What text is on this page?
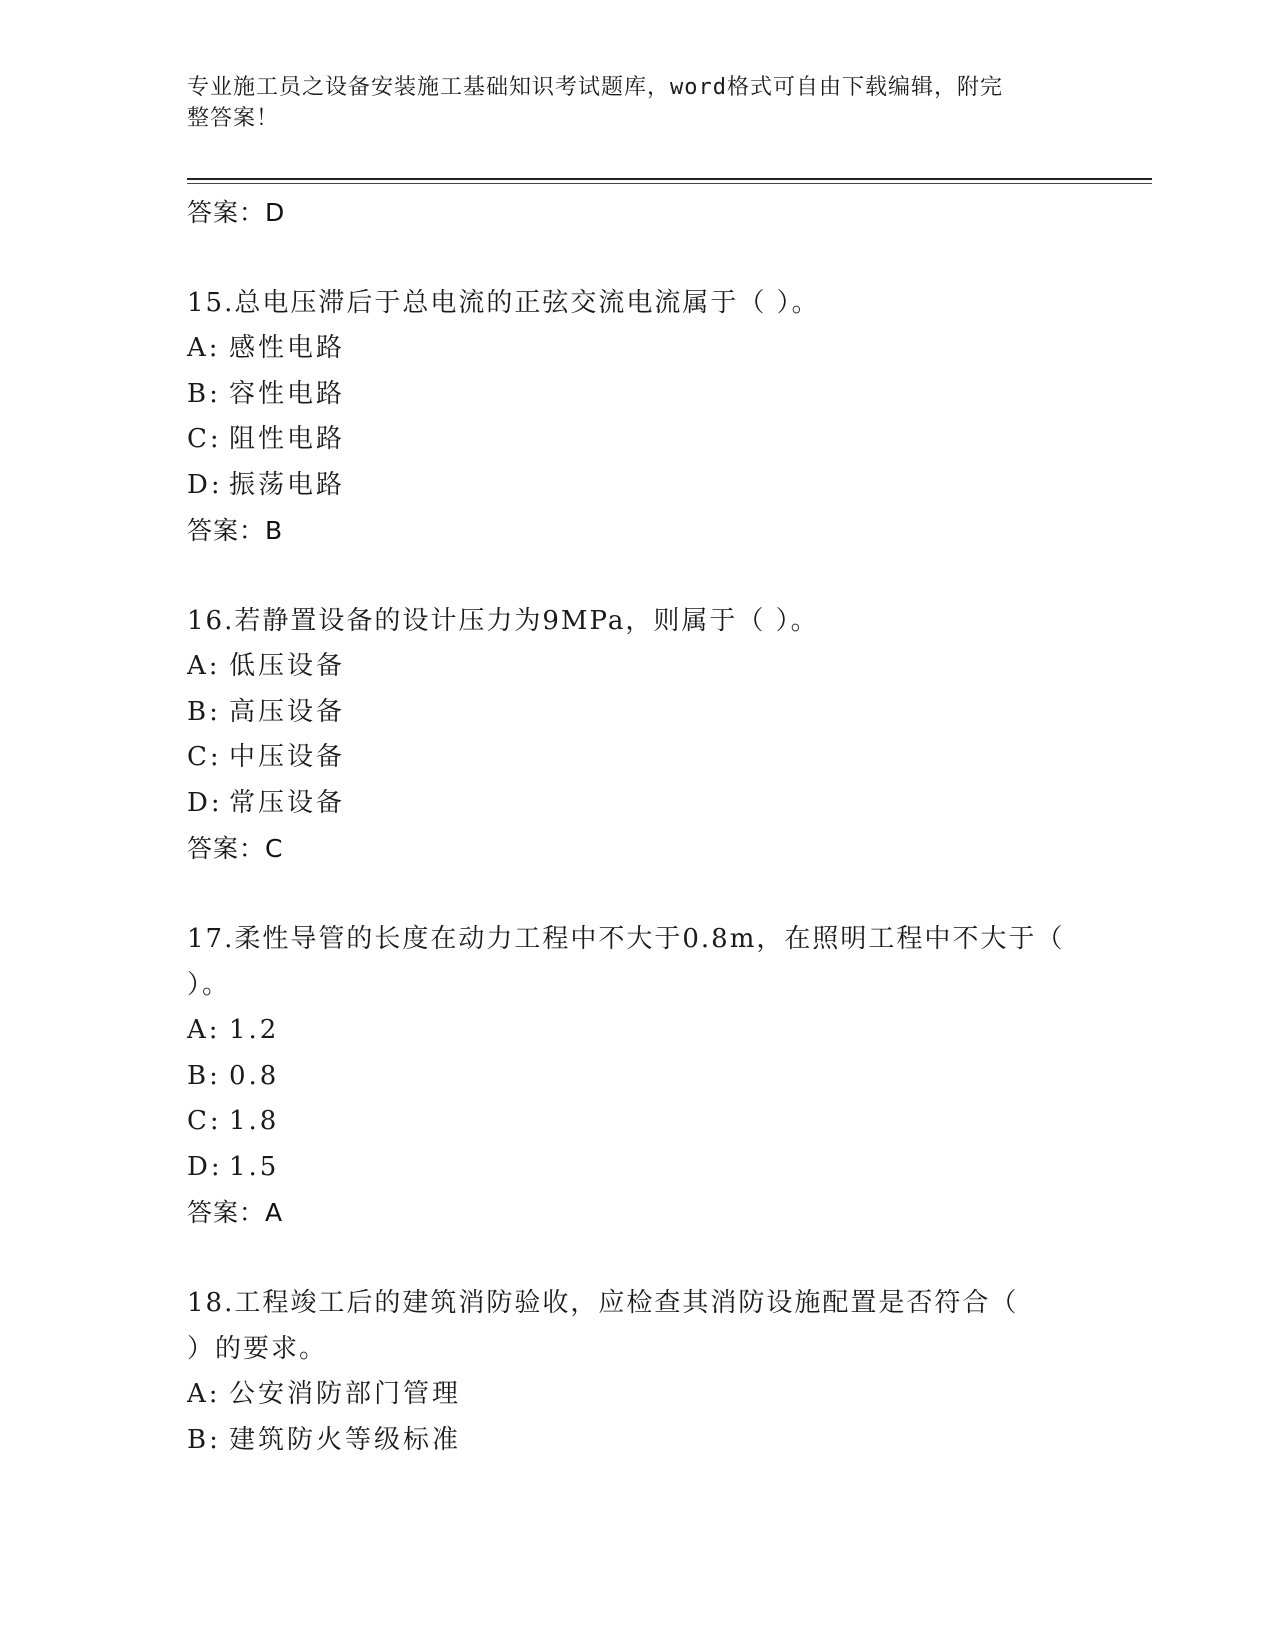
专业施工员之设备安装施工基础知识考试题库，word格式可自由下载编辑，附完
整答案！
答案：D
15.总电压滞后于总电流的正弦交流电流属于（ ）。
A: 感性电路
B: 容性电路
C: 阻性电路
D: 振荡电路
答案：B
16.若静置设备的设计压力为9MPa，则属于（ ）。
A: 低压设备
B: 高压设备
C: 中压设备
D: 常压设备
答案：C
17.柔性导管的长度在动力工程中不大于0.8m，在照明工程中不大于（
）。
A: 1.2
B: 0.8
C: 1.8
D: 1.5
答案：A
18.工程竣工后的建筑消防验收，应检查其消防设施配置是否符合（
）的要求。
A: 公安消防部门管理
B: 建筑防火等级标准
